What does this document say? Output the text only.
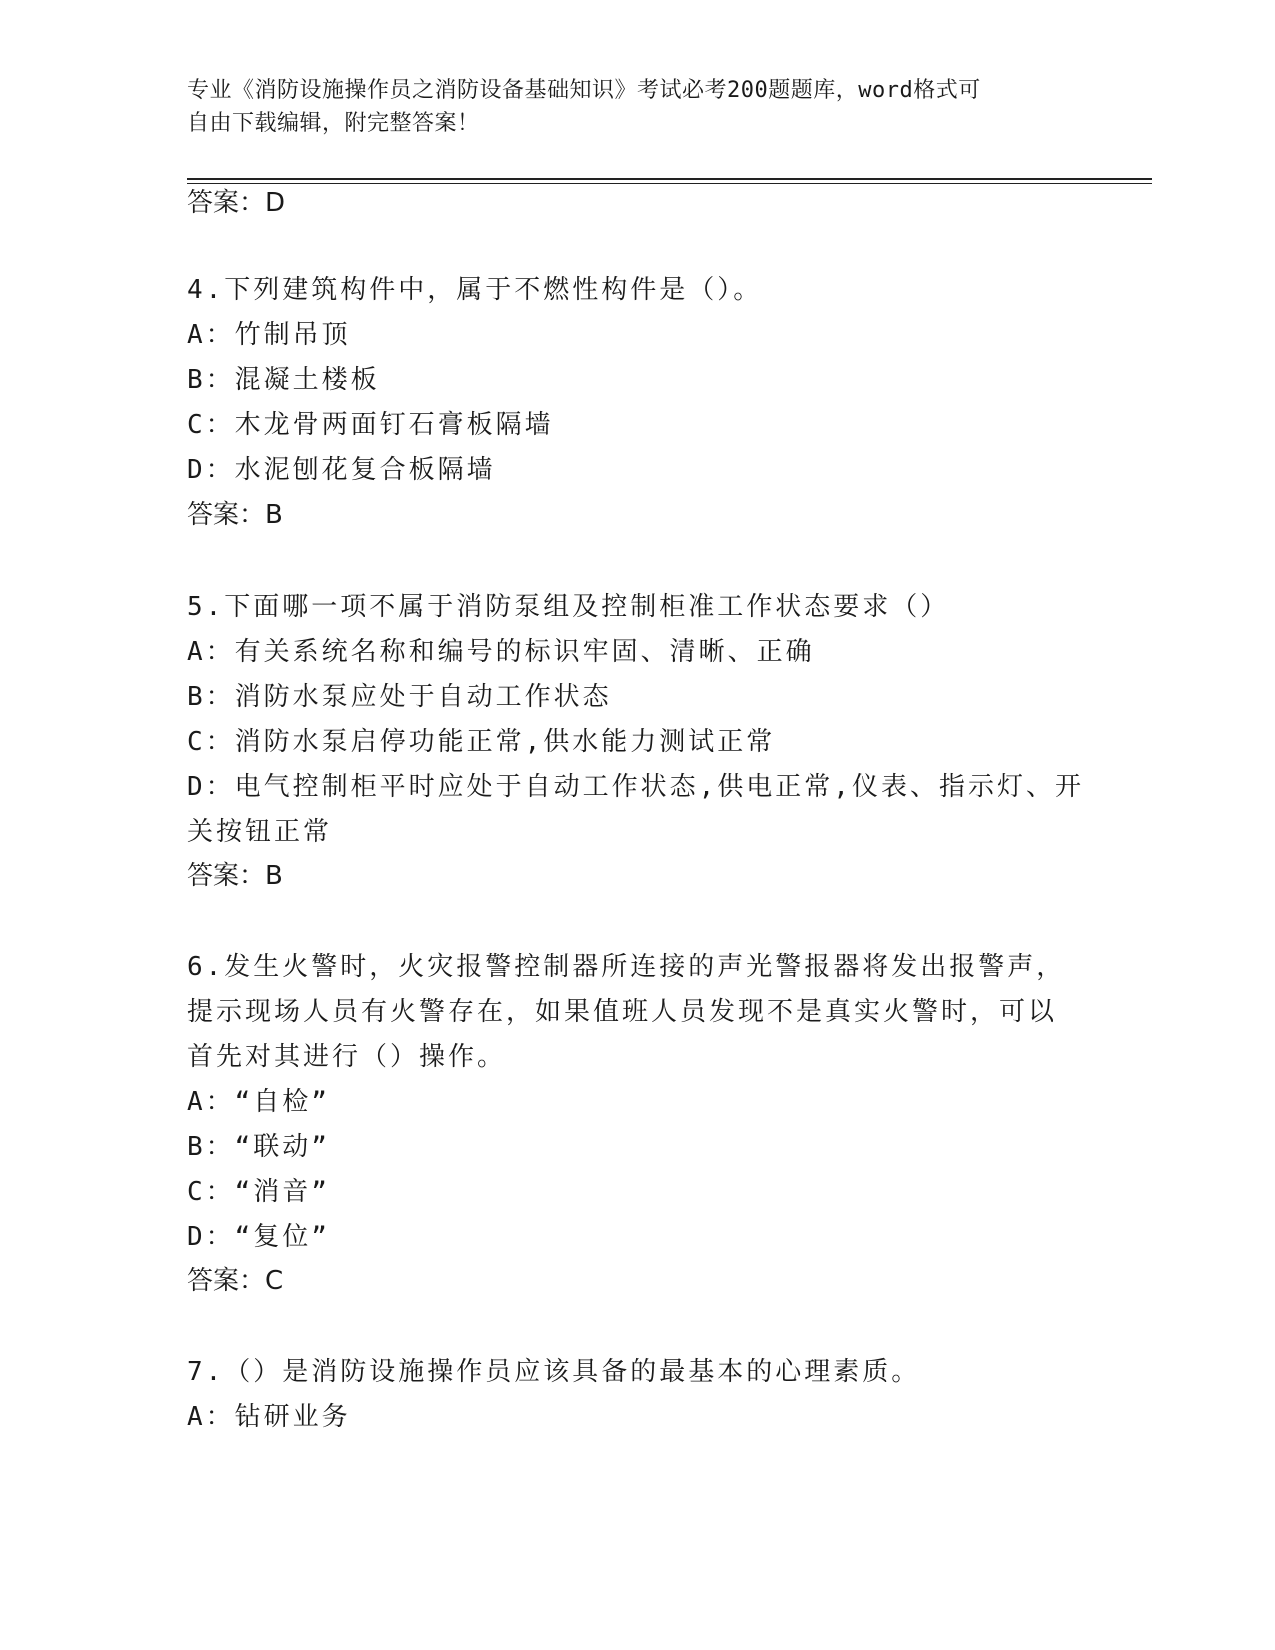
专业《消防设施操作员之消防设备基础知识》考试必考200题题库，word格式可
自由下载编辑，附完整答案！
答案：D
4.下列建筑构件中，属于不燃性构件是（）。
A：竹制吊顶
B：混凝土楼板
C：木龙骨两面钉石膏板隔墙
D：水泥刨花复合板隔墙
答案：B
5.下面哪一项不属于消防泵组及控制柜准工作状态要求（）
A：有关系统名称和编号的标识牢固、清晰、正确
B：消防水泵应处于自动工作状态
C：消防水泵启停功能正常,供水能力测试正常
D：电气控制柜平时应处于自动工作状态,供电正常,仪表、指示灯、开
关按钮正常
答案：B
6.发生火警时，火灾报警控制器所连接的声光警报器将发出报警声，
提示现场人员有火警存在，如果值班人员发现不是真实火警时，可以
首先对其进行（）操作。
A：“自检”
B：“联动”
C：“消音”
D：“复位”
答案：C
7.（）是消防设施操作员应该具备的最基本的心理素质。
A：钻研业务
